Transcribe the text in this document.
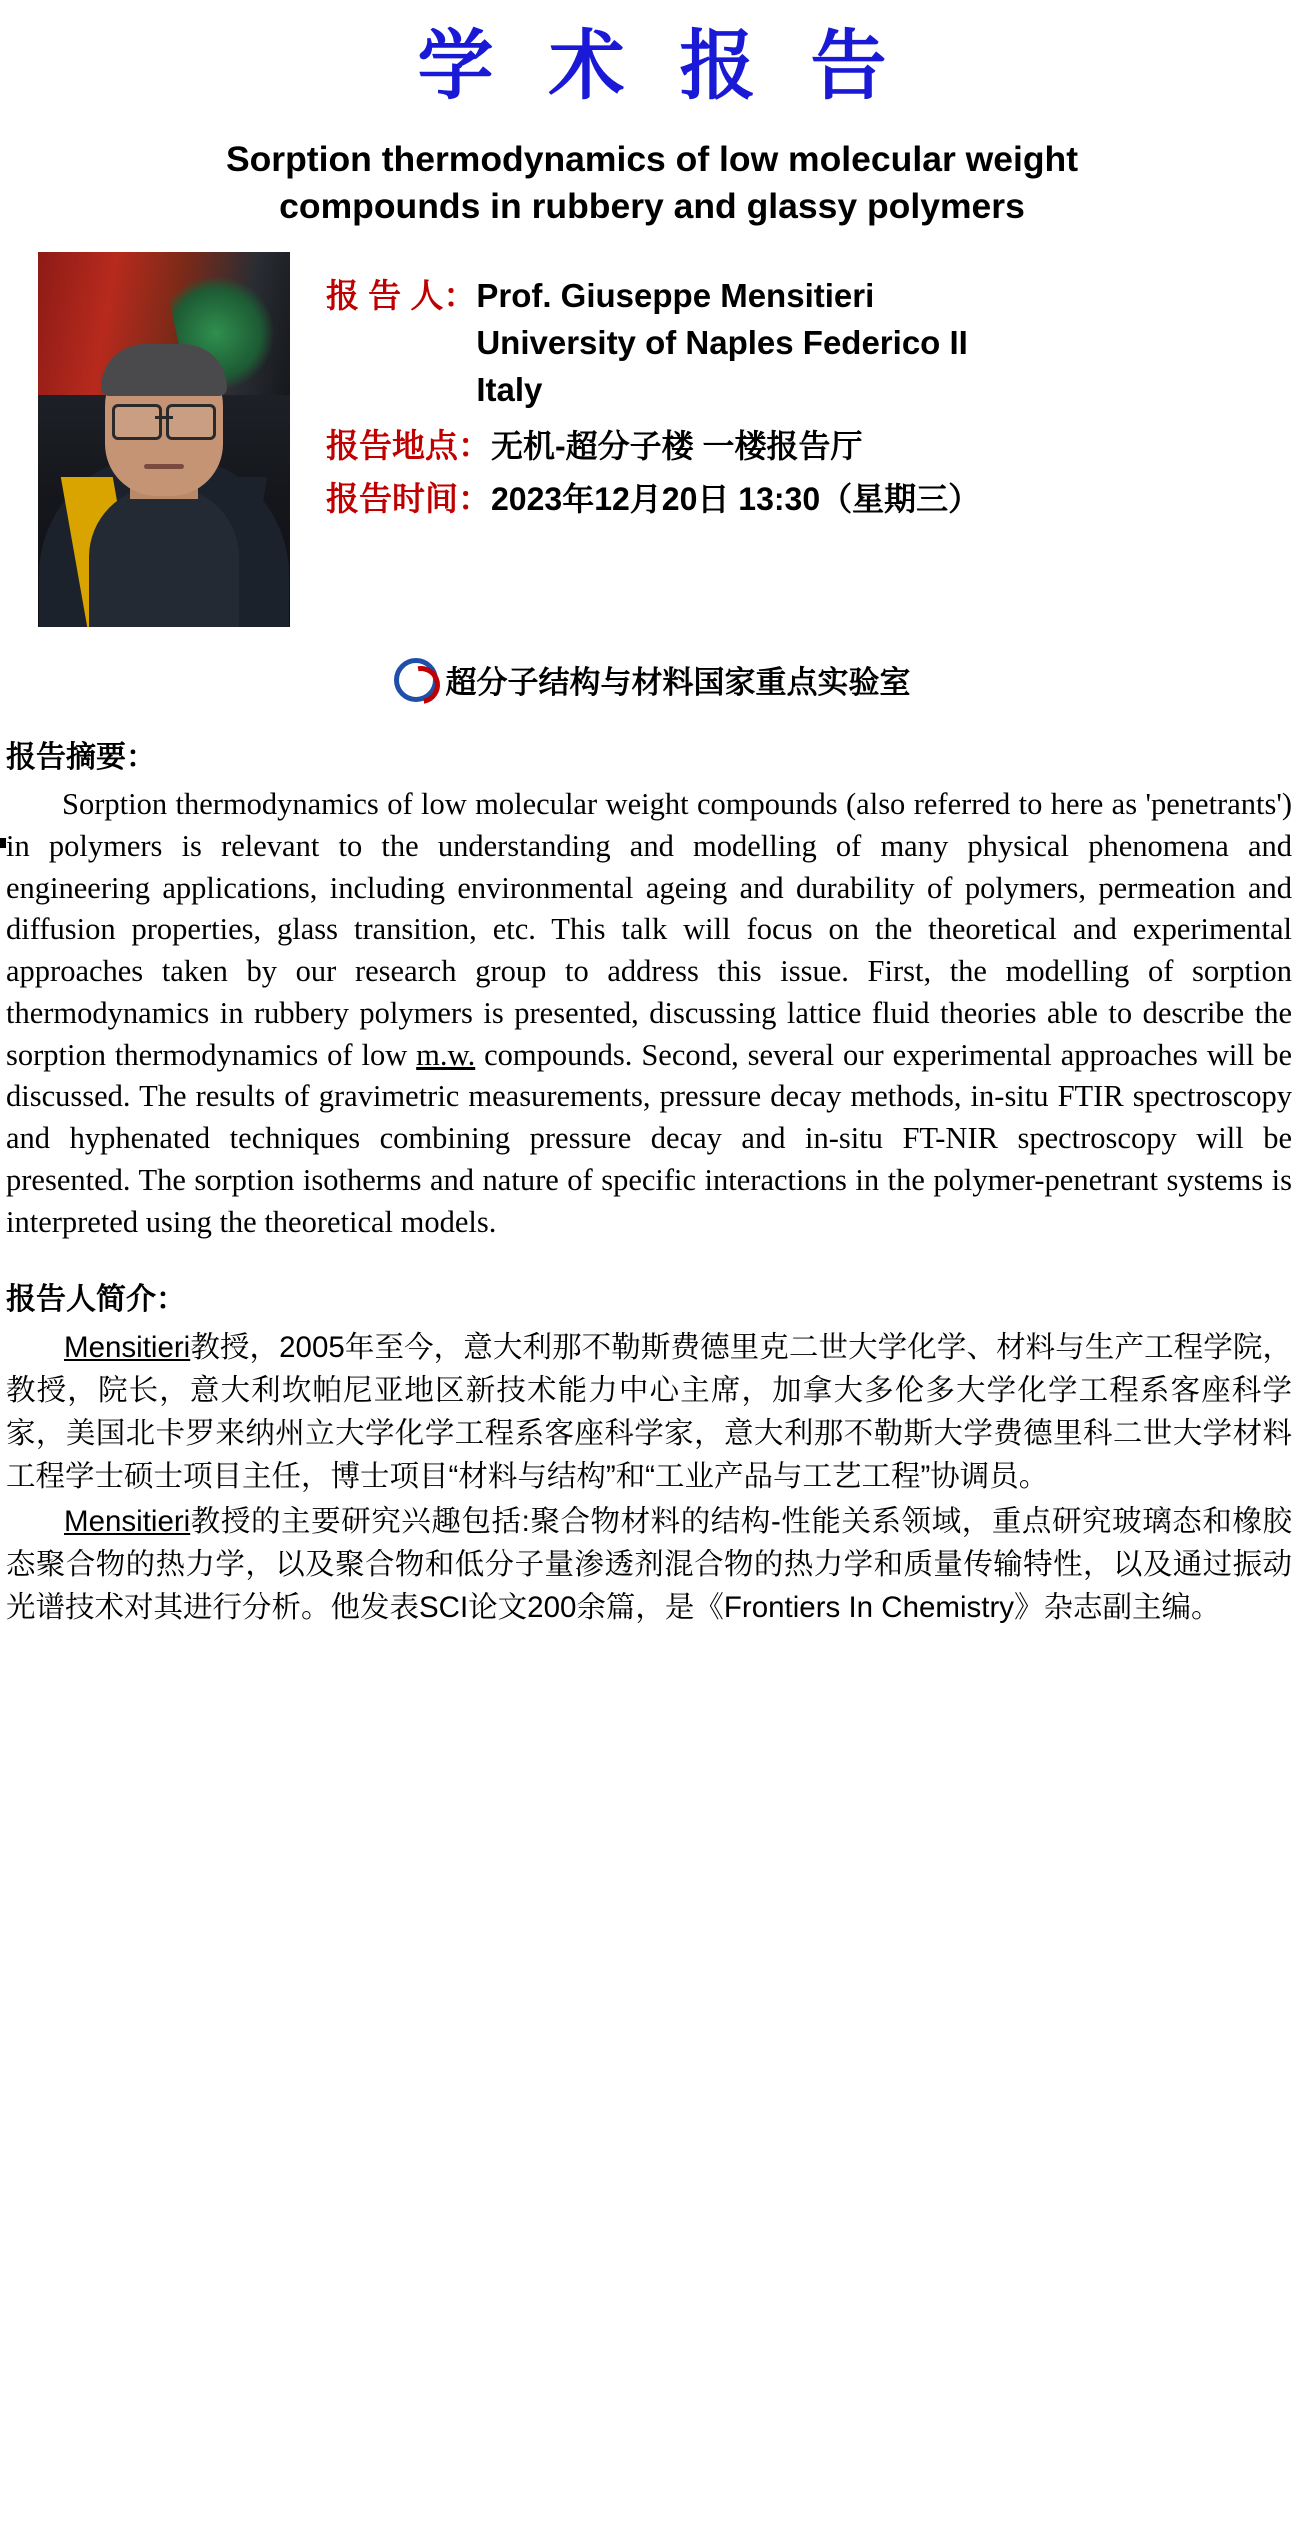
学 术 报 告
Sorption thermodynamics of low molecular weight
compounds in rubbery and glassy polymers
报 告 人： Prof. Giuseppe Mensitieri
University of Naples Federico II
Italy
报告地点： 无机-超分子楼 一楼报告厅
报告时间： 2023年12月20日 13:30（星期三）
超分子结构与材料国家重点实验室
报告摘要：
Sorption thermodynamics of low molecular weight compounds (also referred to here as 'penetrants') in polymers is relevant to the understanding and modelling of many physical phenomena and engineering applications, including environmental ageing and durability of polymers, permeation and diffusion properties, glass transition, etc. This talk will focus on the theoretical and experimental approaches taken by our research group to address this issue. First, the modelling of sorption thermodynamics in rubbery polymers is presented, discussing lattice fluid theories able to describe the sorption thermodynamics of low m.w. compounds. Second, several our experimental approaches will be discussed. The results of gravimetric measurements, pressure decay methods, in-situ FTIR spectroscopy and hyphenated techniques combining pressure decay and in-situ FT-NIR spectroscopy will be presented. The sorption isotherms and nature of specific interactions in the polymer-penetrant systems is interpreted using the theoretical models.
报告人简介：
Mensitieri教授，2005年至今，意大利那不勒斯费德里克二世大学化学、材料与生产工程学院，教授，院长，意大利坎帕尼亚地区新技术能力中心主席，加拿大多伦多大学化学工程系客座科学家，美国北卡罗来纳州立大学化学工程系客座科学家，意大利那不勒斯大学费德里科二世大学材料工程学士硕士项目主任，博士项目“材料与结构”和“工业产品与工艺工程”协调员。
Mensitieri教授的主要研究兴趣包括:聚合物材料的结构-性能关系领域，重点研究玻璃态和橡胶态聚合物的热力学，以及聚合物和低分子量渗透剂混合物的热力学和质量传输特性，以及通过振动光谱技术对其进行分析。他发表SCI论文200余篇，是《Frontiers In Chemistry》杂志副主编。
